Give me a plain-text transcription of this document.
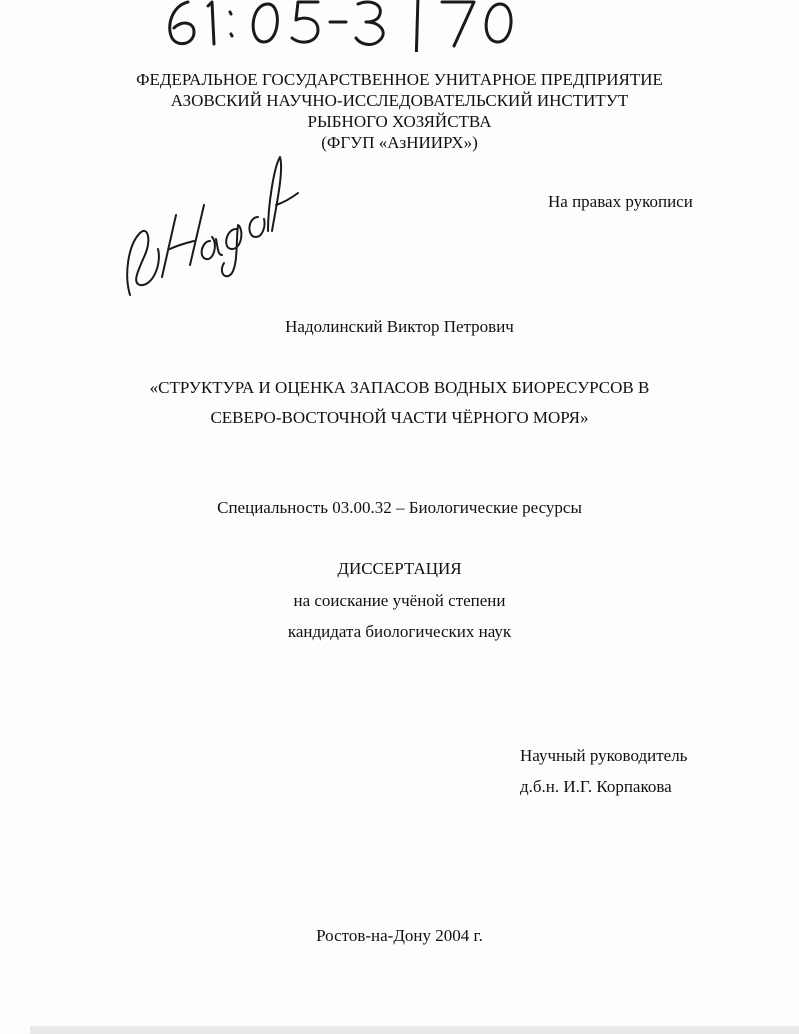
ФЕДЕРАЛЬНОЕ ГОСУДАРСТВЕННОЕ УНИТАРНОЕ ПРЕДПРИЯТИЕ
АЗОВСКИЙ НАУЧНО-ИССЛЕДОВАТЕЛЬСКИЙ ИНСТИТУТ
РЫБНОГО ХОЗЯЙСТВА
(ФГУП «АзНИИРХ»)
На правах рукописи
Надолинский Виктор Петрович
«СТРУКТУРА И ОЦЕНКА ЗАПАСОВ ВОДНЫХ БИОРЕСУРСОВ В
СЕВЕРО-ВОСТОЧНОЙ ЧАСТИ ЧЁРНОГО МОРЯ»
Специальность 03.00.32 – Биологические ресурсы
ДИССЕРТАЦИЯ
на соискание учёной степени
кандидата биологических наук
Научный руководитель
д.б.н. И.Г. Корпакова
Ростов-на-Дону 2004 г.
